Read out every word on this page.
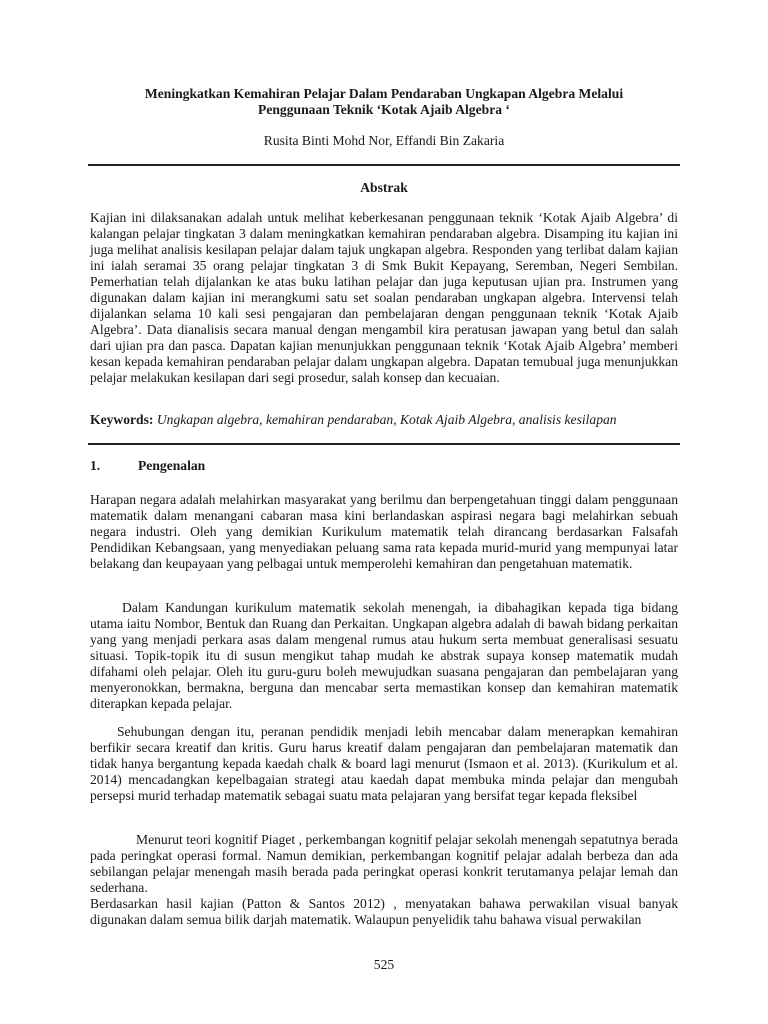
Meningkatkan Kemahiran Pelajar Dalam Pendaraban Ungkapan Algebra Melalui
Penggunaan Teknik ‘Kotak Ajaib Algebra ‘
Rusita Binti Mohd Nor, Effandi Bin Zakaria
Abstrak

Kajian ini dilaksanakan adalah untuk melihat keberkesanan penggunaan teknik ‘Kotak Ajaib Algebra’ di kalangan pelajar tingkatan 3 dalam meningkatkan kemahiran pendaraban algebra. Disamping itu kajian ini juga melihat analisis kesilapan pelajar dalam tajuk ungkapan algebra. Responden yang terlibat dalam kajian ini ialah seramai 35 orang pelajar tingkatan 3 di Smk Bukit Kepayang, Seremban, Negeri Sembilan. Pemerhatian telah dijalankan ke atas buku latihan pelajar dan juga keputusan ujian pra. Instrumen yang digunakan dalam kajian ini merangkumi satu set soalan pendaraban ungkapan algebra. Intervensi telah dijalankan selama 10 kali sesi pengajaran dan pembelajaran dengan penggunaan teknik ‘Kotak Ajaib Algebra’. Data dianalisis secara manual dengan mengambil kira peratusan jawapan yang betul dan salah dari ujian pra dan pasca. Dapatan kajian menunjukkan penggunaan teknik ‘Kotak Ajaib Algebra’ memberi kesan kepada kemahiran pendaraban pelajar dalam ungkapan algebra. Dapatan temubual juga menunjukkan pelajar melakukan kesilapan dari segi prosedur, salah konsep dan kecuaian.

Keywords: Ungkapan algebra, kemahiran pendaraban, Kotak Ajaib Algebra, analisis kesilapan
1.	Pengenalan

Harapan negara adalah melahirkan masyarakat yang berilmu dan berpengetahuan tinggi dalam penggunaan matematik dalam menangani cabaran masa kini berlandaskan aspirasi negara bagi melahirkan sebuah negara industri. Oleh yang demikian Kurikulum matematik telah dirancang berdasarkan Falsafah Pendidikan Kebangsaan, yang menyediakan peluang sama rata kepada murid-murid yang mempunyai latar belakang dan keupayaan yang pelbagai untuk memperolehi kemahiran dan pengetahuan matematik.

Dalam Kandungan kurikulum matematik sekolah menengah, ia dibahagikan kepada tiga bidang utama iaitu Nombor, Bentuk dan Ruang dan Perkaitan. Ungkapan algebra adalah di bawah bidang perkaitan yang yang menjadi perkara asas dalam mengenal rumus atau hukum serta membuat generalisasi sesuatu situasi. Topik-topik itu di susun mengikut tahap mudah ke abstrak supaya konsep matematik mudah difahami oleh pelajar. Oleh itu guru-guru boleh mewujudkan suasana pengajaran dan pembelajaran yang menyeronokkan, bermakna, berguna dan mencabar serta memastikan konsep dan kemahiran matematik diterapkan kepada pelajar.

Sehubungan dengan itu, peranan pendidik menjadi lebih mencabar dalam menerapkan kemahiran berfikir secara kreatif dan kritis. Guru harus kreatif dalam pengajaran dan pembelajaran matematik dan tidak hanya bergantung kepada kaedah chalk & board lagi menurut (Ismaon et al. 2013). (Kurikulum et al. 2014) mencadangkan kepelbagaian strategi atau kaedah dapat membuka minda pelajar dan mengubah persepsi murid terhadap matematik sebagai suatu mata pelajaran yang bersifat tegar kepada fleksibel

Menurut teori kognitif Piaget , perkembangan kognitif pelajar sekolah menengah sepatutnya berada pada peringkat operasi formal. Namun demikian, perkembangan kognitif pelajar adalah berbeza dan ada sebilangan pelajar menengah masih berada pada peringkat operasi konkrit terutamanya pelajar lemah dan sederhana.

Berdasarkan hasil kajian (Patton & Santos 2012) , menyatakan bahawa perwakilan visual banyak digunakan dalam semua bilik darjah matematik. Walaupun penyelidik tahu bahawa visual perwakilan

525
